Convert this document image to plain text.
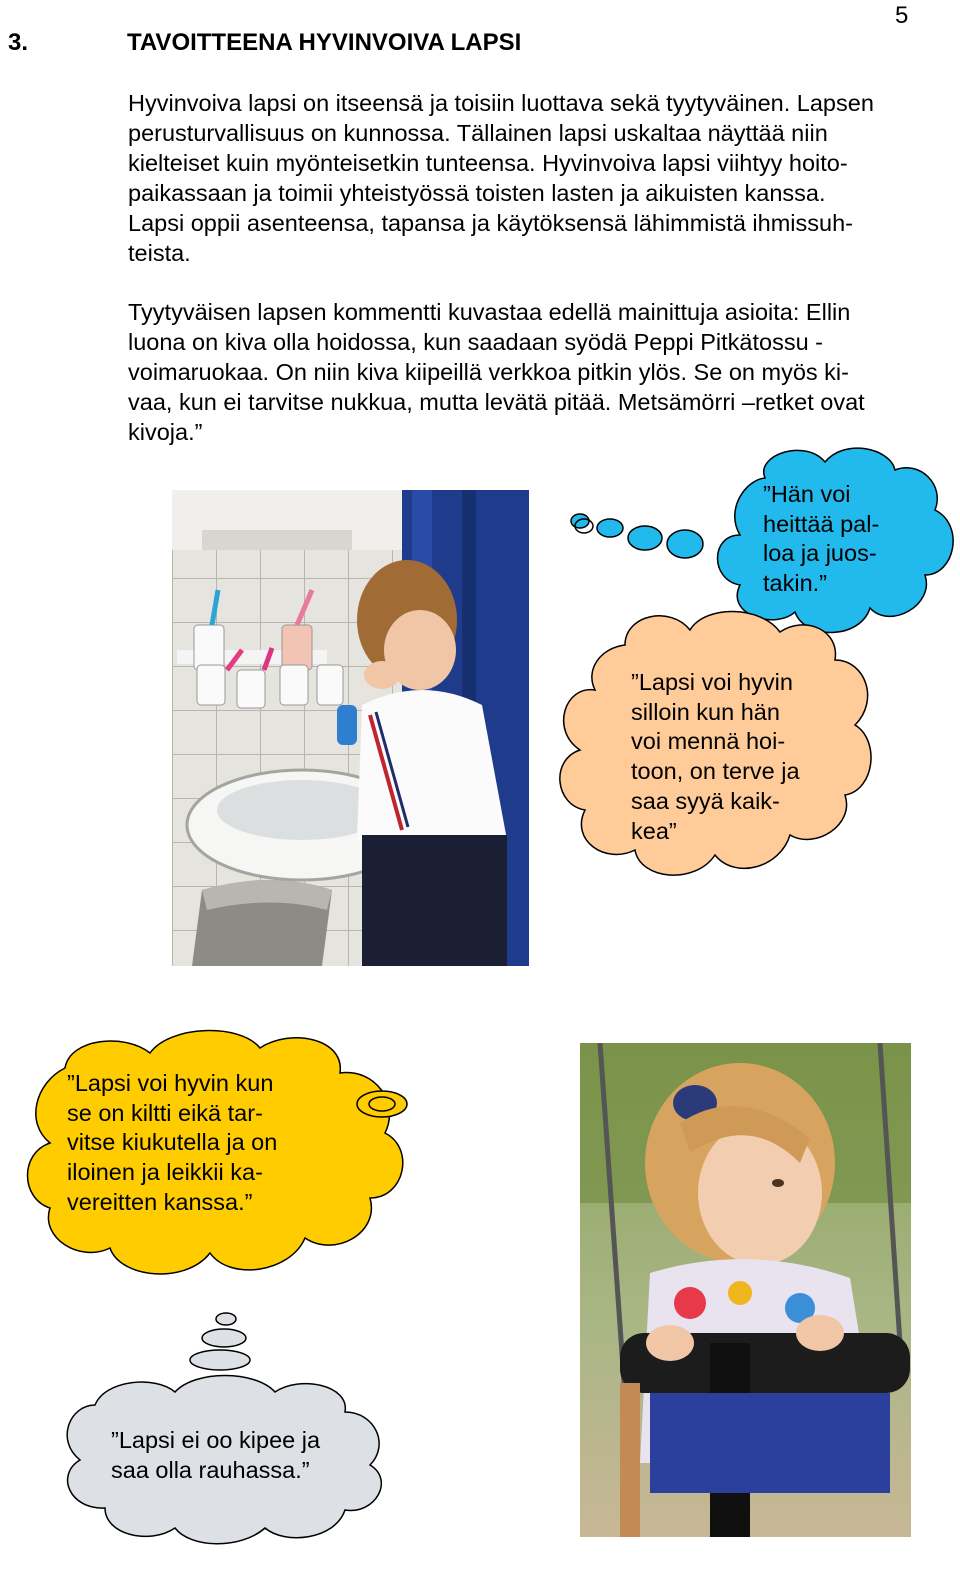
5
3.	TAVOITTEENA HYVINVOIVA LAPSI
Hyvinvoiva lapsi on itseensä ja toisiin luottava sekä tyytyväinen. Lapsen
perusturvallisuus on kunnossa. Tällainen lapsi uskaltaa näyttää niin
kielteiset kuin myönteisetkin tunteensa. Hyvinvoiva lapsi viihtyy hoito-
paikassaan ja toimii yhteistyössä toisten lasten ja aikuisten kanssa.
Lapsi oppii asenteensa, tapansa ja käytöksensä lähimmistä ihmissuh-
teista.
Tyytyväisen lapsen kommentti kuvastaa edellä mainittuja asioita: Ellin
luona on kiva olla hoidossa, kun saadaan syödä Peppi Pitkätossu -
voimaruokaa. On niin kiva kiipeillä verkkoa pitkin ylös. Se on myös ki-
vaa, kun ei tarvitse nukkua, mutta levätä pitää. Metsämörri –retket ovat
kivoja.”
”Hän voi
heittää pal-
loa ja juos-
takin.”
”Lapsi voi hyvin
silloin kun hän
voi mennä hoi-
toon, on terve ja
saa syyä kaik-
kea”
”Lapsi voi hyvin kun
se on kiltti eikä tar-
vitse kiukutella ja on
iloinen ja leikkii ka-
vereitten kanssa.”
”Lapsi ei oo kipee ja
saa olla rauhassa.”
